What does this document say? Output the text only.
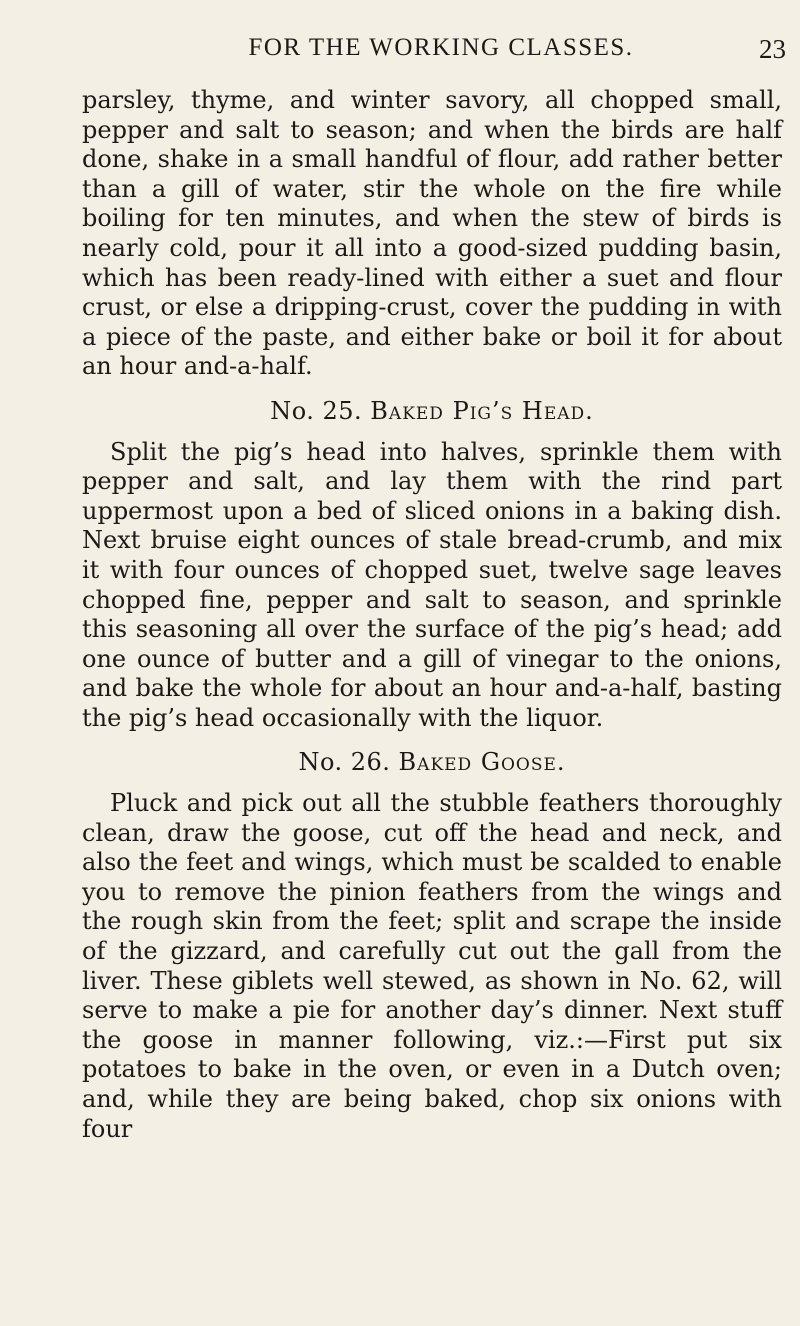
FOR THE WORKING CLASSES.	23

parsley, thyme, and winter savory, all chopped small, pepper and salt to season; and when the birds are half done, shake in a small handful of flour, add rather better than a gill of water, stir the whole on the fire while boiling for ten minutes, and when the stew of birds is nearly cold, pour it all into a good-sized pudding basin, which has been ready-lined with either a suet and flour crust, or else a dripping-crust, cover the pudding in with a piece of the paste, and either bake or boil it for about an hour and-a-half.

No. 25. Baked Pig’s Head.

Split the pig’s head into halves, sprinkle them with pepper and salt, and lay them with the rind part uppermost upon a bed of sliced onions in a baking dish. Next bruise eight ounces of stale bread-crumb, and mix it with four ounces of chopped suet, twelve sage leaves chopped fine, pepper and salt to season, and sprinkle this seasoning all over the surface of the pig’s head; add one ounce of butter and a gill of vinegar to the onions, and bake the whole for about an hour and-a-half, basting the pig’s head occasionally with the liquor.

No. 26. Baked Goose.

Pluck and pick out all the stubble feathers thoroughly clean, draw the goose, cut off the head and neck, and also the feet and wings, which must be scalded to enable you to remove the pinion feathers from the wings and the rough skin from the feet; split and scrape the inside of the gizzard, and carefully cut out the gall from the liver. These giblets well stewed, as shown in No. 62, will serve to make a pie for another day’s dinner. Next stuff the goose in manner following, viz.:—First put six potatoes to bake in the oven, or even in a Dutch oven; and, while they are being baked, chop six onions with four
